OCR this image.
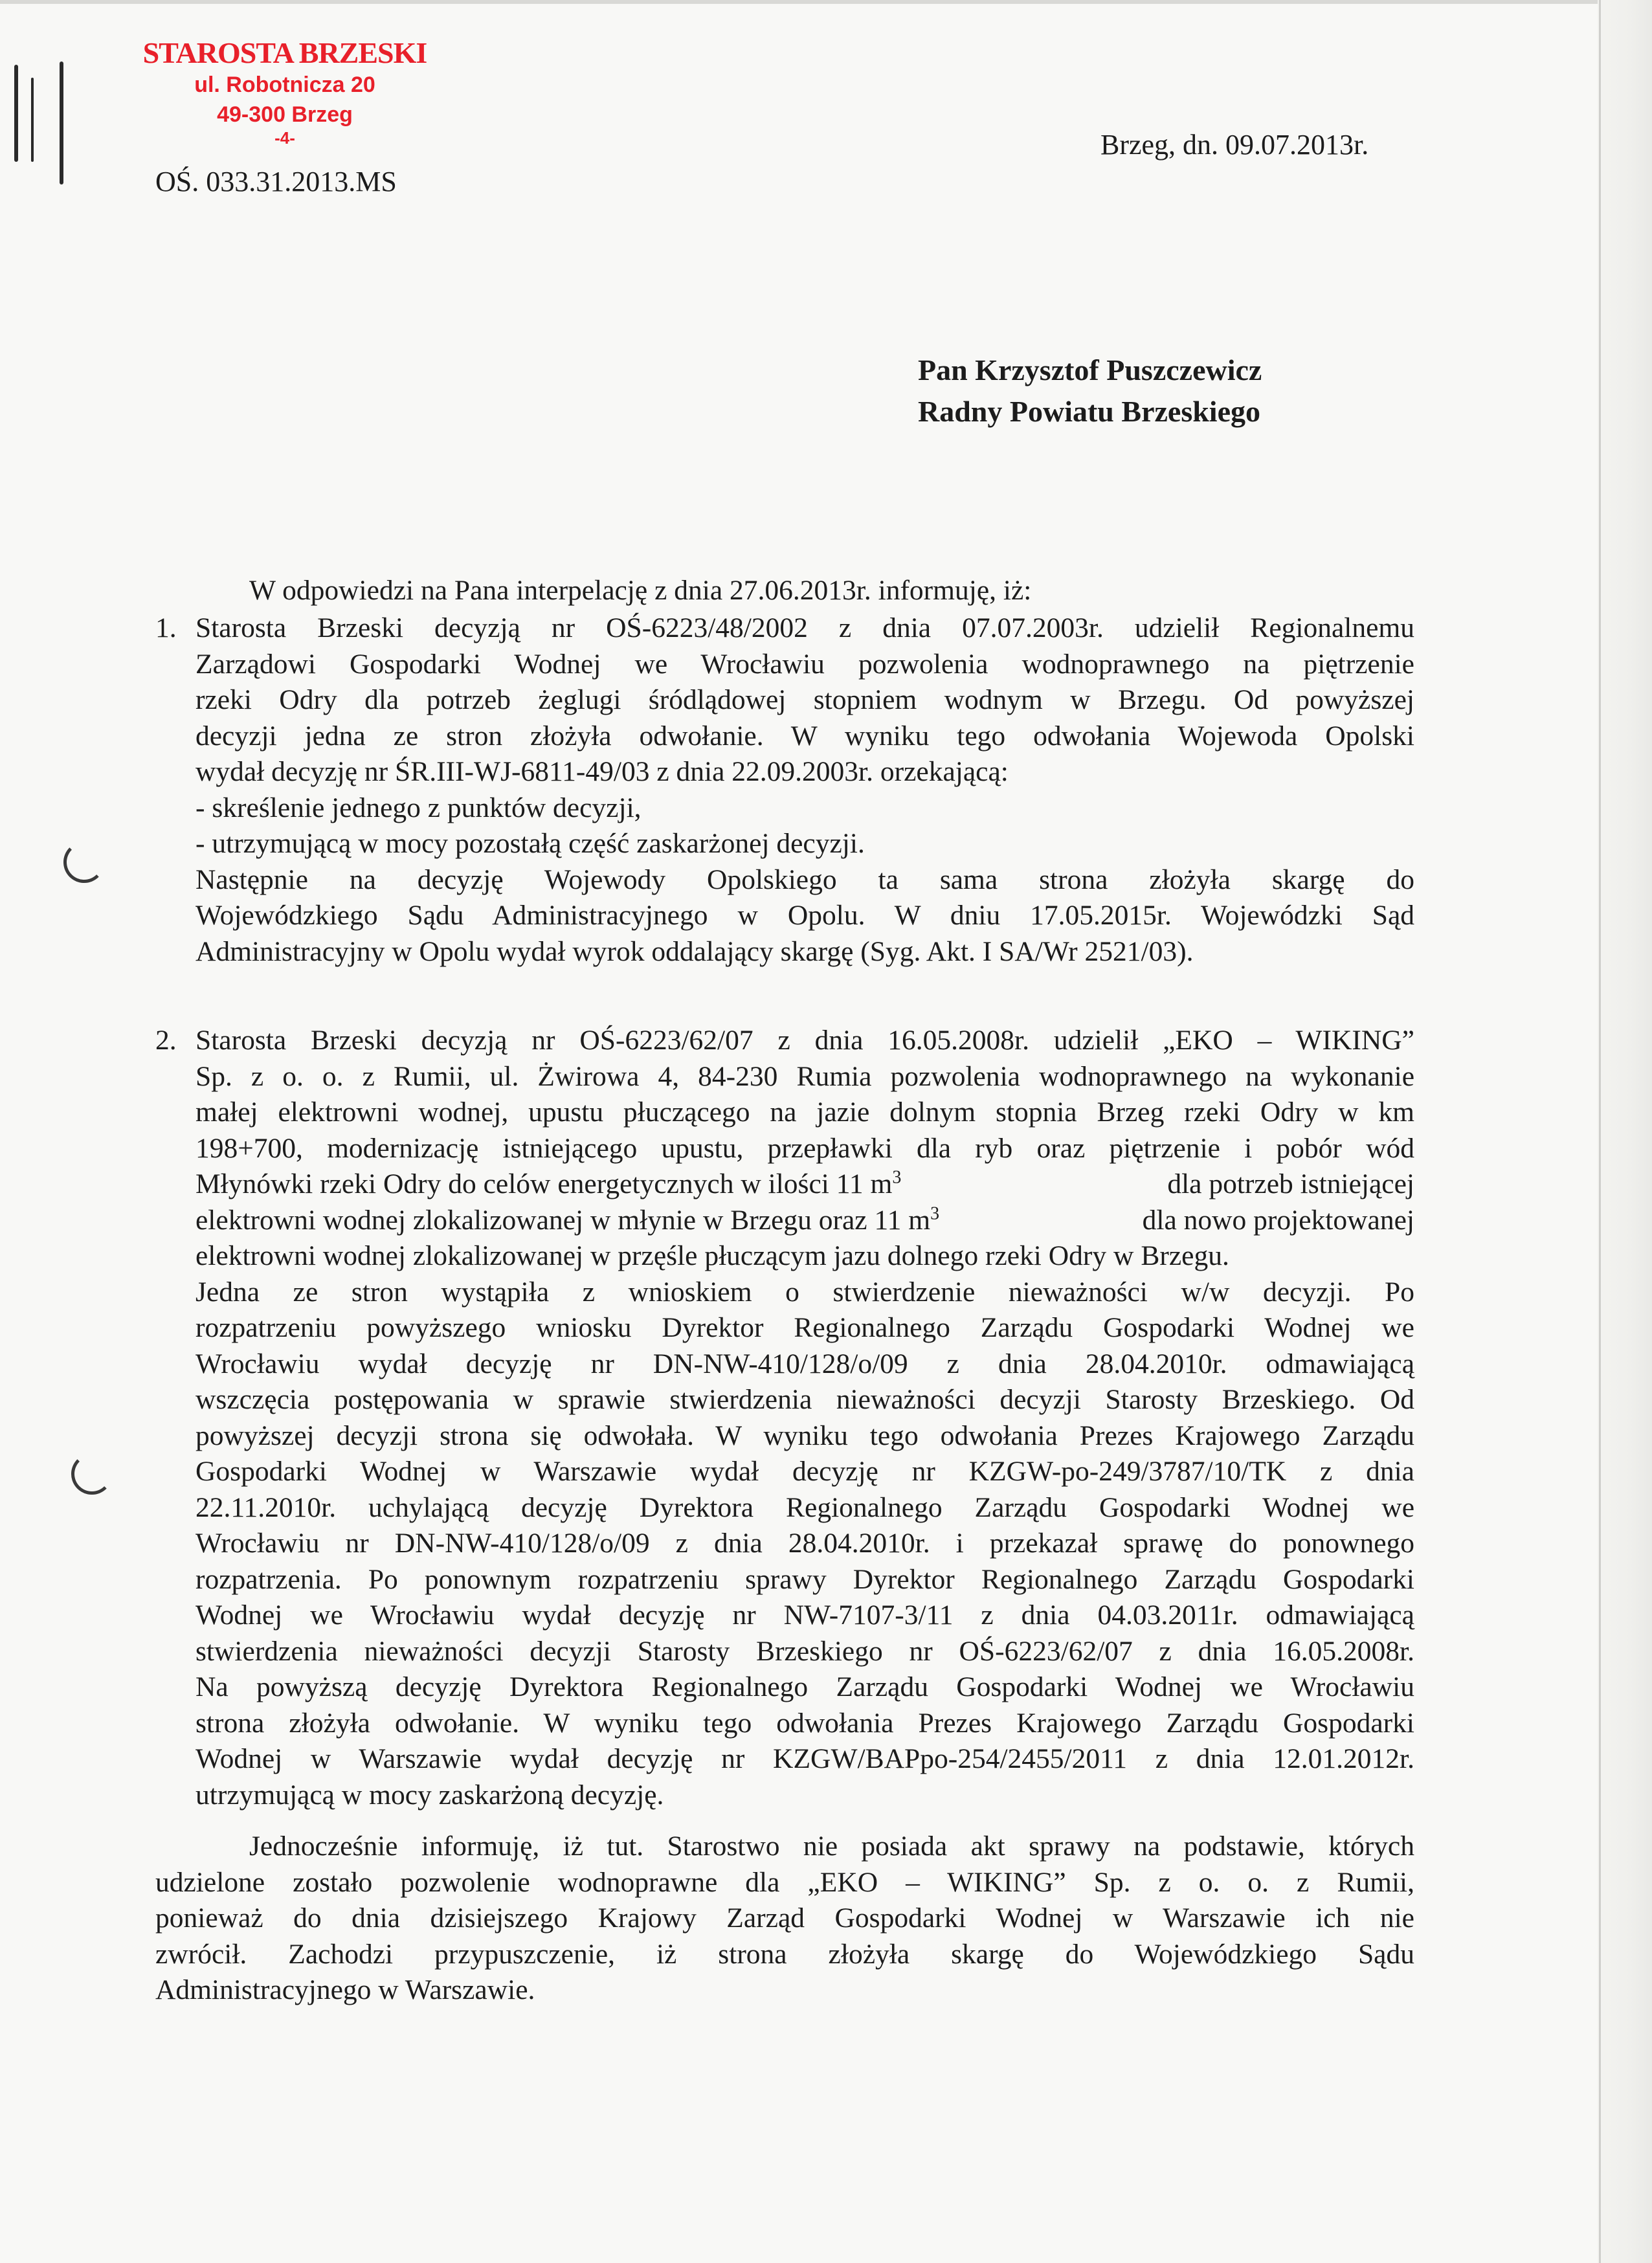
STAROSTA BRZESKI
ul. Robotnicza 20
49-300 Brzeg
-4-
OŚ. 033.31.2013.MS
Brzeg, dn. 09.07.2013r.
Pan Krzysztof Puszczewicz
Radny Powiatu Brzeskiego
W odpowiedzi na Pana interpelację z dnia 27.06.2013r. informuję, iż:
1. Starosta Brzeski decyzją nr OŚ-6223/48/2002 z dnia 07.07.2003r. udzielił Regionalnemu
Zarządowi Gospodarki Wodnej we Wrocławiu pozwolenia wodnoprawnego na piętrzenie
rzeki Odry dla potrzeb żeglugi śródlądowej stopniem wodnym w Brzegu. Od powyższej
decyzji jedna ze stron złożyła odwołanie. W wyniku tego odwołania Wojewoda Opolski
wydał decyzję nr ŚR.III-WJ-6811-49/03 z dnia 22.09.2003r. orzekającą:
- skreślenie jednego z punktów decyzji,
- utrzymującą w mocy pozostałą część zaskarżonej decyzji.
Następnie na decyzję Wojewody Opolskiego ta sama strona złożyła skargę do
Wojewódzkiego Sądu Administracyjnego w Opolu. W dniu 17.05.2015r. Wojewódzki Sąd
Administracyjny w Opolu wydał wyrok oddalający skargę (Syg. Akt. I SA/Wr 2521/03).
2. Starosta Brzeski decyzją nr OŚ-6223/62/07 z dnia 16.05.2008r. udzielił „EKO – WIKING”
Sp. z o. o. z Rumii, ul. Żwirowa 4, 84-230 Rumia pozwolenia wodnoprawnego na wykonanie
małej elektrowni wodnej, upustu płuczącego na jazie dolnym stopnia Brzeg rzeki Odry w km
198+700, modernizację istniejącego upustu, przepławki dla ryb oraz piętrzenie i pobór wód
Młynówki rzeki Odry do celów energetycznych w ilości 11 $m^3$	dla potrzeb istniejącej
elektrowni wodnej zlokalizowanej w młynie w Brzegu oraz 11 $m^3$	dla nowo projektowanej
elektrowni wodnej zlokalizowanej w przęśle płuczącym jazu dolnego rzeki Odry w Brzegu.
Jedna ze stron wystąpiła z wnioskiem o stwierdzenie nieważności w/w decyzji. Po
rozpatrzeniu powyższego wniosku Dyrektor Regionalnego Zarządu Gospodarki Wodnej we
Wrocławiu wydał decyzję nr DN-NW-410/128/o/09 z dnia 28.04.2010r. odmawiającą
wszczęcia postępowania w sprawie stwierdzenia nieważności decyzji Starosty Brzeskiego. Od
powyższej decyzji strona się odwołała. W wyniku tego odwołania Prezes Krajowego Zarządu
Gospodarki Wodnej w Warszawie wydał decyzję nr KZGW-po-249/3787/10/TK z dnia
22.11.2010r. uchylającą decyzję Dyrektora Regionalnego Zarządu Gospodarki Wodnej we
Wrocławiu nr DN-NW-410/128/o/09 z dnia 28.04.2010r. i przekazał sprawę do ponownego
rozpatrzenia. Po ponownym rozpatrzeniu sprawy Dyrektor Regionalnego Zarządu Gospodarki
Wodnej we Wrocławiu wydał decyzję nr NW-7107-3/11 z dnia 04.03.2011r. odmawiającą
stwierdzenia nieważności decyzji Starosty Brzeskiego nr OŚ-6223/62/07 z dnia 16.05.2008r.
Na powyższą decyzję Dyrektora Regionalnego Zarządu Gospodarki Wodnej we Wrocławiu
strona złożyła odwołanie. W wyniku tego odwołania Prezes Krajowego Zarządu Gospodarki
Wodnej w Warszawie wydał decyzję nr KZGW/BAPpo-254/2455/2011 z dnia 12.01.2012r.
utrzymującą w mocy zaskarżoną decyzję.
Jednocześnie informuję, iż tut. Starostwo nie posiada akt sprawy na podstawie, których
udzielone zostało pozwolenie wodnoprawne dla „EKO – WIKING” Sp. z o. o. z Rumii,
ponieważ do dnia dzisiejszego Krajowy Zarząd Gospodarki Wodnej w Warszawie ich nie
zwrócił. Zachodzi przypuszczenie, iż strona złożyła skargę do Wojewódzkiego Sądu
Administracyjnego w Warszawie.
